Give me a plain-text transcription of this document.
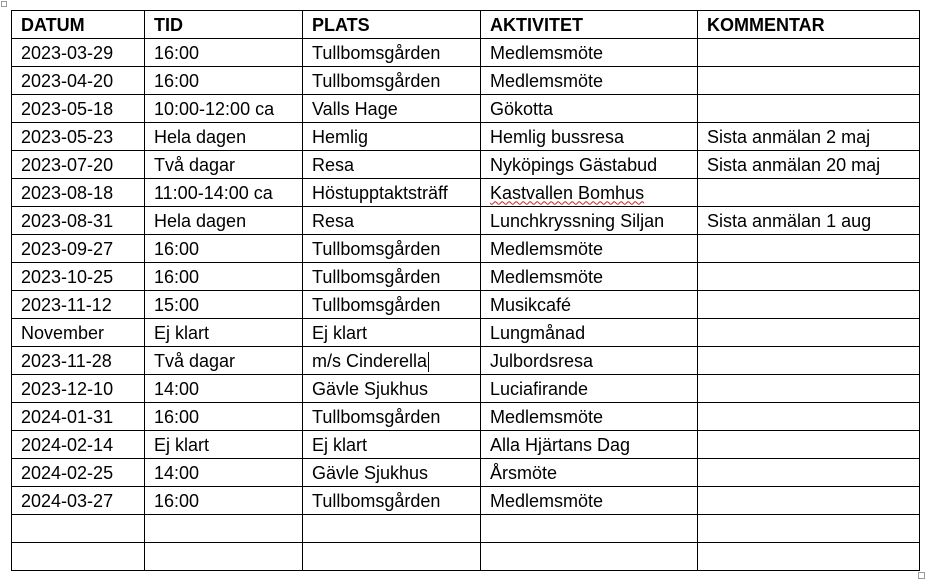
DATUM	TID	PLATS	AKTIVITET	KOMMENTAR
2023-03-29	16:00	Tullbomsgården	Medlemsmöte	
2023-04-20	16:00	Tullbomsgården	Medlemsmöte	
2023-05-18	10:00-12:00 ca	Valls Hage	Gökotta	
2023-05-23	Hela dagen	Hemlig	Hemlig bussresa	Sista anmälan 2 maj
2023-07-20	Två dagar	Resa	Nyköpings Gästabud	Sista anmälan 20 maj
2023-08-18	11:00-14:00 ca	Höstupptaktsträff	Kastvallen Bomhus	
2023-08-31	Hela dagen	Resa	Lunchkryssning Siljan	Sista anmälan 1 aug
2023-09-27	16:00	Tullbomsgården	Medlemsmöte	
2023-10-25	16:00	Tullbomsgården	Medlemsmöte	
2023-11-12	15:00	Tullbomsgården	Musikcafé	
November	Ej klart	Ej klart	Lungmånad	
2023-11-28	Två dagar	m/s Cinderella	Julbordsresa	
2023-12-10	14:00	Gävle Sjukhus	Luciafirande	
2024-01-31	16:00	Tullbomsgården	Medlemsmöte	
2024-02-14	Ej klart	Ej klart	Alla Hjärtans Dag	
2024-02-25	14:00	Gävle Sjukhus	Årsmöte	
2024-03-27	16:00	Tullbomsgården	Medlemsmöte	
